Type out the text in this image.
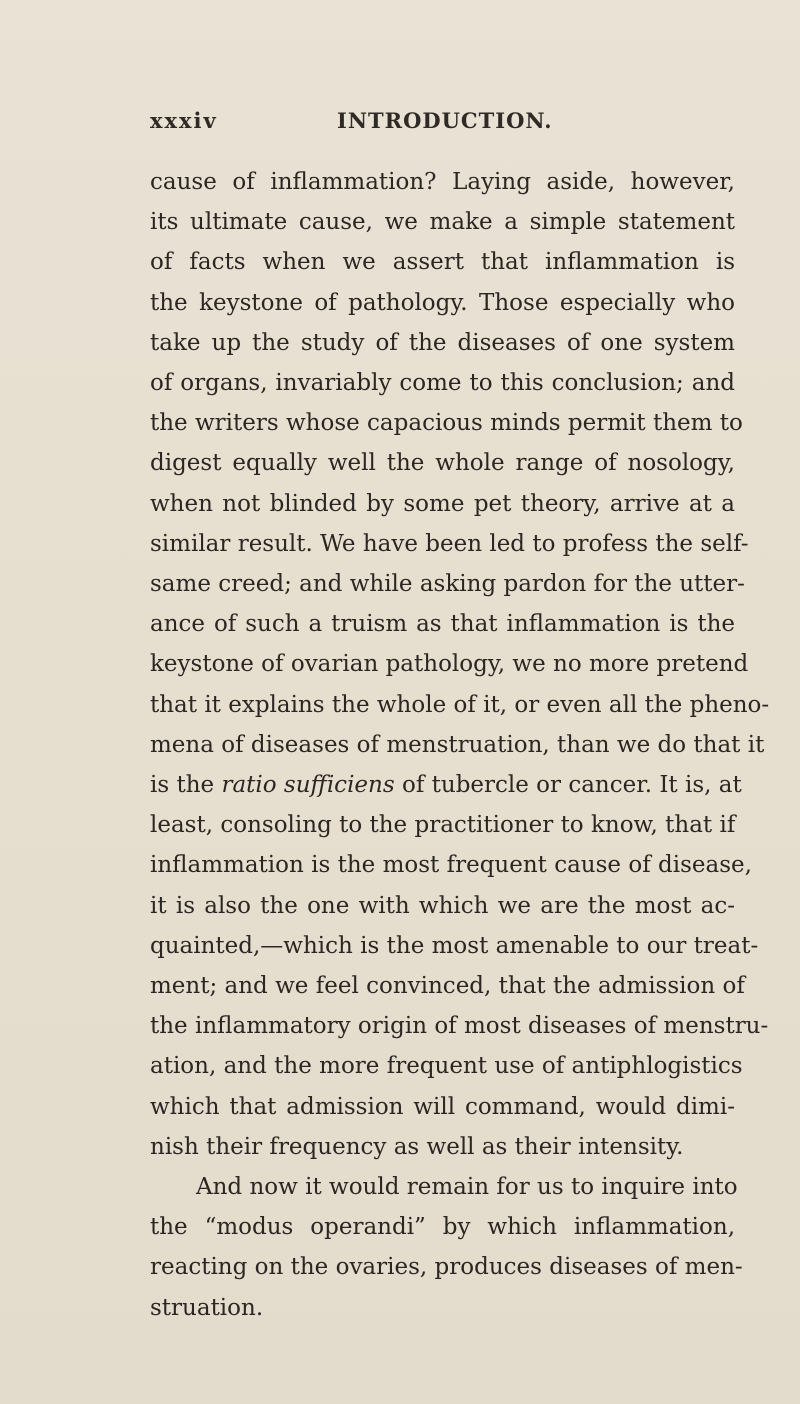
xxxiv	INTRODUCTION.
cause of inflammation? Laying aside, however,
its ultimate cause, we make a simple statement
of facts when we assert that inflammation is
the keystone of pathology. Those especially who
take up the study of the diseases of one system
of organs, invariably come to this conclusion; and
the writers whose capacious minds permit them to
digest equally well the whole range of nosology,
when not blinded by some pet theory, arrive at a
similar result. We have been led to profess the self-
same creed; and while asking pardon for the utter-
ance of such a truism as that inflammation is the
keystone of ovarian pathology, we no more pretend
that it explains the whole of it, or even all the pheno-
mena of diseases of menstruation, than we do that it
is the ratio sufficiens of tubercle or cancer. It is, at
least, consoling to the practitioner to know, that if
inflammation is the most frequent cause of disease,
it is also the one with which we are the most ac-
quainted,—which is the most amenable to our treat-
ment; and we feel convinced, that the admission of
the inflammatory origin of most diseases of menstru-
ation, and the more frequent use of antiphlogistics
which that admission will command, would dimi-
nish their frequency as well as their intensity.
And now it would remain for us to inquire into
the “modus operandi” by which inflammation,
reacting on the ovaries, produces diseases of men-
struation.
